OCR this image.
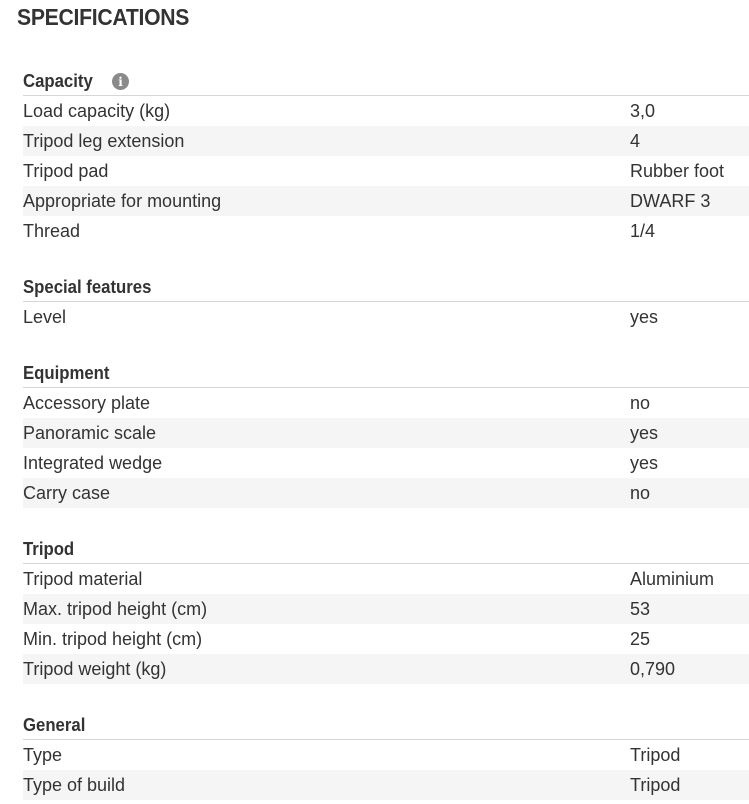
SPECIFICATIONS
Capacity	i
Load capacity (kg)	3,0
Tripod leg extension	4
Tripod pad	Rubber foot
Appropriate for mounting	DWARF 3
Thread	1/4
Special features
Level	yes
Equipment
Accessory plate	no
Panoramic scale	yes
Integrated wedge	yes
Carry case	no
Tripod
Tripod material	Aluminium
Max. tripod height (cm)	53
Min. tripod height (cm)	25
Tripod weight (kg)	0,790
General
Type	Tripod
Type of build	Tripod
